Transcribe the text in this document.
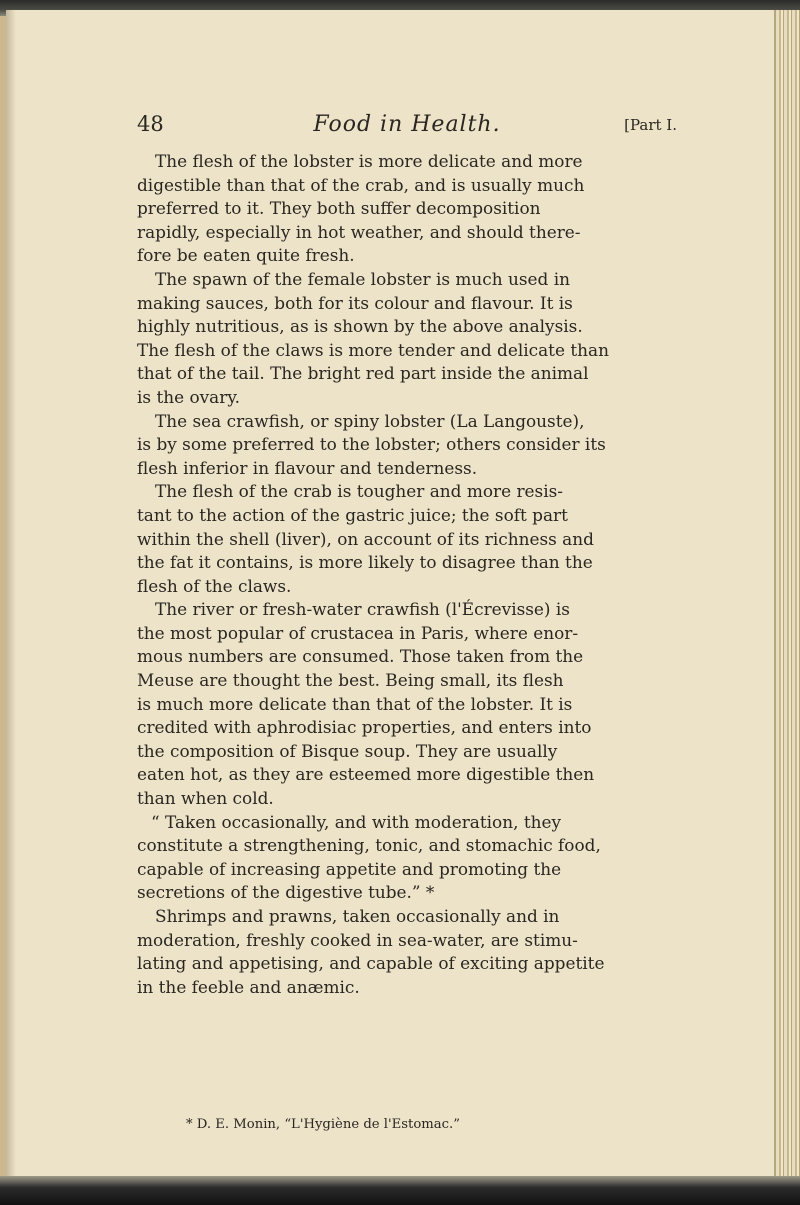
48	Food in Health.	[Part I.
The flesh of the lobster is more delicate and more
digestible than that of the crab, and is usually much
preferred to it. They both suffer decomposition
rapidly, especially in hot weather, and should there-
fore be eaten quite fresh.
The spawn of the female lobster is much used in
making sauces, both for its colour and flavour. It is
highly nutritious, as is shown by the above analysis.
The flesh of the claws is more tender and delicate than
that of the tail. The bright red part inside the animal
is the ovary.
The sea crawfish, or spiny lobster (La Langouste),
is by some preferred to the lobster; others consider its
flesh inferior in flavour and tenderness.
The flesh of the crab is tougher and more resis-
tant to the action of the gastric juice; the soft part
within the shell (liver), on account of its richness and
the fat it contains, is more likely to disagree than the
flesh of the claws.
The river or fresh-water crawfish (l'Écrevisse) is
the most popular of crustacea in Paris, where enor-
mous numbers are consumed. Those taken from the
Meuse are thought the best. Being small, its flesh
is much more delicate than that of the lobster. It is
credited with aphrodisiac properties, and enters into
the composition of Bisque soup. They are usually
eaten hot, as they are esteemed more digestible then
than when cold.
“ Taken occasionally, and with moderation, they
constitute a strengthening, tonic, and stomachic food,
capable of increasing appetite and promoting the
secretions of the digestive tube.” *
Shrimps and prawns, taken occasionally and in
moderation, freshly cooked in sea-water, are stimu-
lating and appetising, and capable of exciting appetite
in the feeble and anæmic.
* D. E. Monin, “L'Hygiène de l'Estomac.”
